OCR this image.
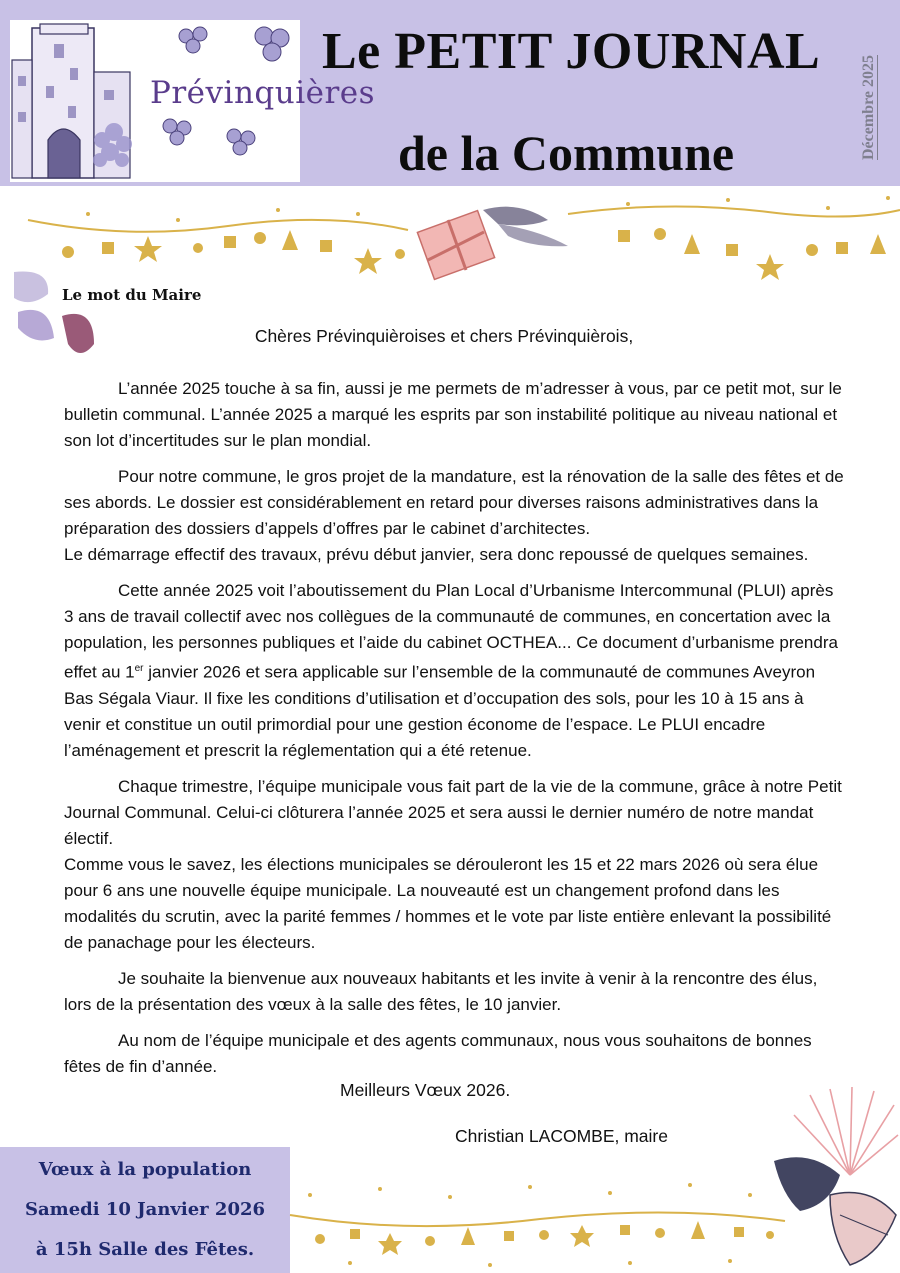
Prévinquières
Le PETIT JOURNAL
de la Commune	Décembre 2025
Le mot du Maire
Chères Prévinquièroises et chers Prévinquièrois,

L’année 2025 touche à sa fin, aussi je me permets de m’adresser à vous, par ce petit mot, sur le bulletin communal. L’année 2025 a marqué les esprits par son instabilité politique au niveau national et son lot d’incertitudes sur le plan mondial.

Pour notre commune, le gros projet de la mandature, est la rénovation de la salle des fêtes et de ses abords. Le dossier est considérablement en retard pour diverses raisons administratives dans la préparation des dossiers d’appels d’offres par le cabinet d’architectes.
Le démarrage effectif des travaux, prévu début janvier, sera donc repoussé de quelques semaines.

Cette année 2025 voit l’aboutissement du Plan Local d’Urbanisme Intercommunal (PLUI) après 3 ans de travail collectif avec nos collègues de la communauté de communes, en concertation avec la population, les personnes publiques et l’aide du cabinet OCTHEA... Ce document d’urbanisme prendra effet au 1er janvier 2026 et sera applicable sur l’ensemble de la communauté de communes Aveyron Bas Ségala Viaur. Il fixe les conditions d’utilisation et d’occupation des sols, pour les 10 à 15 ans à venir et constitue un outil primordial pour une gestion économe de l’espace. Le PLUI encadre l’aménagement et prescrit la réglementation qui a été retenue.

Chaque trimestre, l’équipe municipale vous fait part de la vie de la commune, grâce à notre Petit Journal Communal. Celui-ci clôturera l’année 2025 et sera aussi le dernier numéro de notre mandat électif.
Comme vous le savez, les élections municipales se dérouleront les 15 et 22 mars 2026 où sera élue pour 6 ans une nouvelle équipe municipale. La nouveauté est un changement profond dans les modalités du scrutin, avec la parité femmes / hommes et le vote par liste entière enlevant la possibilité de panachage pour les électeurs.

Je souhaite la bienvenue aux nouveaux habitants et les invite à venir à la rencontre des élus, lors de la présentation des vœux à la salle des fêtes, le 10 janvier.

Au nom de l’équipe municipale et des agents communaux, nous vous souhaitons de bonnes fêtes de fin d’année.

Meilleurs Vœux 2026.
Christian LACOMBE, maire
Vœux à la population
Samedi 10 Janvier 2026
à 15h Salle des Fêtes.
